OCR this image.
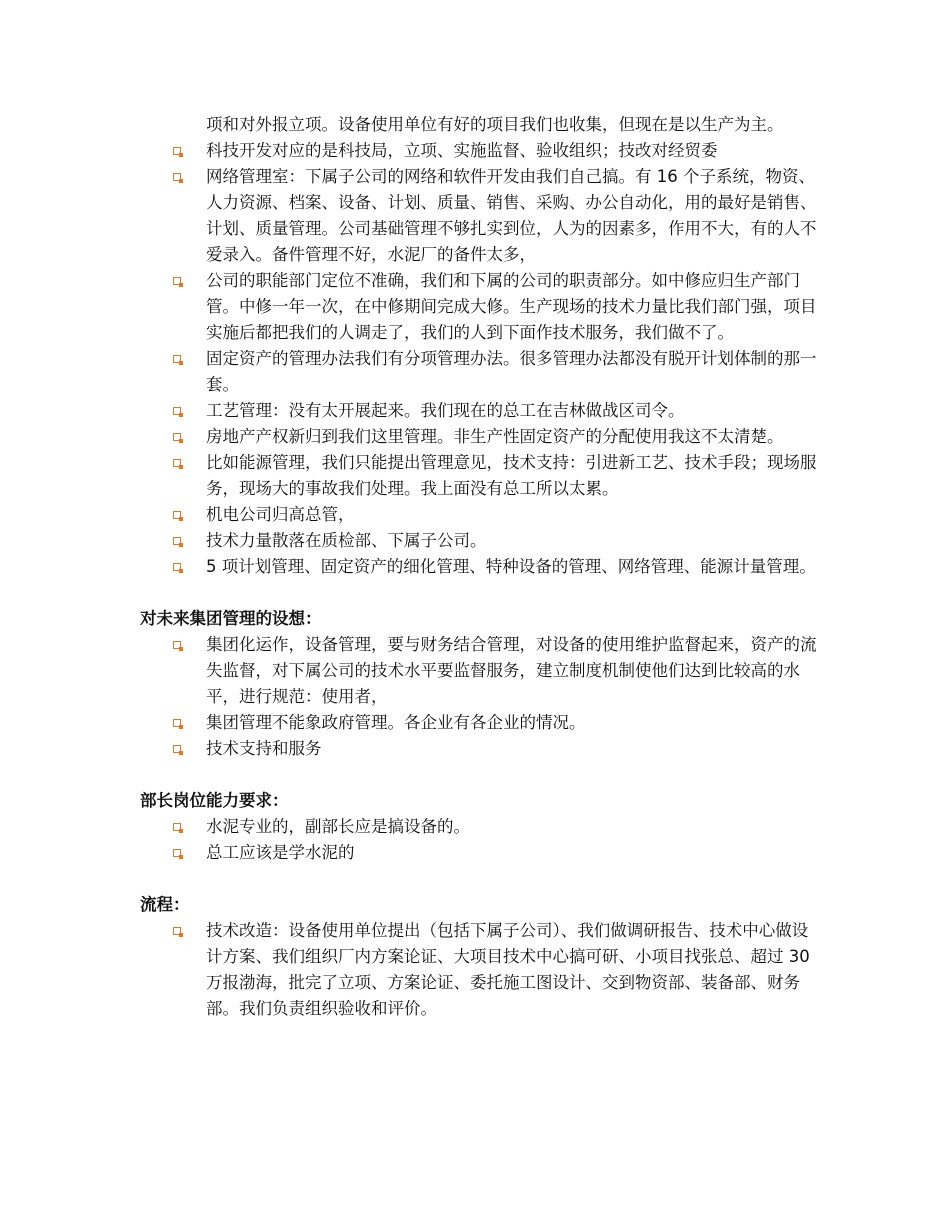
项和对外报立项。设备使用单位有好的项目我们也收集，但现在是以生产为主。
科技开发对应的是科技局，立项、实施监督、验收组织；技改对经贸委
网络管理室：下属子公司的网络和软件开发由我们自己搞。有 16 个子系统，物资、人力资源、档案、设备、计划、质量、销售、采购、办公自动化，用的最好是销售、计划、质量管理。公司基础管理不够扎实到位，人为的因素多，作用不大，有的人不爱录入。备件管理不好，水泥厂的备件太多，
公司的职能部门定位不准确，我们和下属的公司的职责部分。如中修应归生产部门管。中修一年一次，在中修期间完成大修。生产现场的技术力量比我们部门强，项目实施后都把我们的人调走了，我们的人到下面作技术服务，我们做不了。
固定资产的管理办法我们有分项管理办法。很多管理办法都没有脱开计划体制的那一套。
工艺管理：没有太开展起来。我们现在的总工在吉林做战区司令。
房地产产权新归到我们这里管理。非生产性固定资产的分配使用我这不太清楚。
比如能源管理，我们只能提出管理意见，技术支持：引进新工艺、技术手段；现场服务，现场大的事故我们处理。我上面没有总工所以太累。
机电公司归高总管，
技术力量散落在质检部、下属子公司。
5 项计划管理、固定资产的细化管理、特种设备的管理、网络管理、能源计量管理。
对未来集团管理的设想：
集团化运作，设备管理，要与财务结合管理，对设备的使用维护监督起来，资产的流失监督，对下属公司的技术水平要监督服务，建立制度机制使他们达到比较高的水平，进行规范：使用者，
集团管理不能象政府管理。各企业有各企业的情况。
技术支持和服务
部长岗位能力要求：
水泥专业的，副部长应是搞设备的。
总工应该是学水泥的
流程：
技术改造：设备使用单位提出（包括下属子公司）、我们做调研报告、技术中心做设计方案、我们组织厂内方案论证、大项目技术中心搞可研、小项目找张总、超过 30 万报渤海，批完了立项、方案论证、委托施工图设计、交到物资部、装备部、财务部。我们负责组织验收和评价。
